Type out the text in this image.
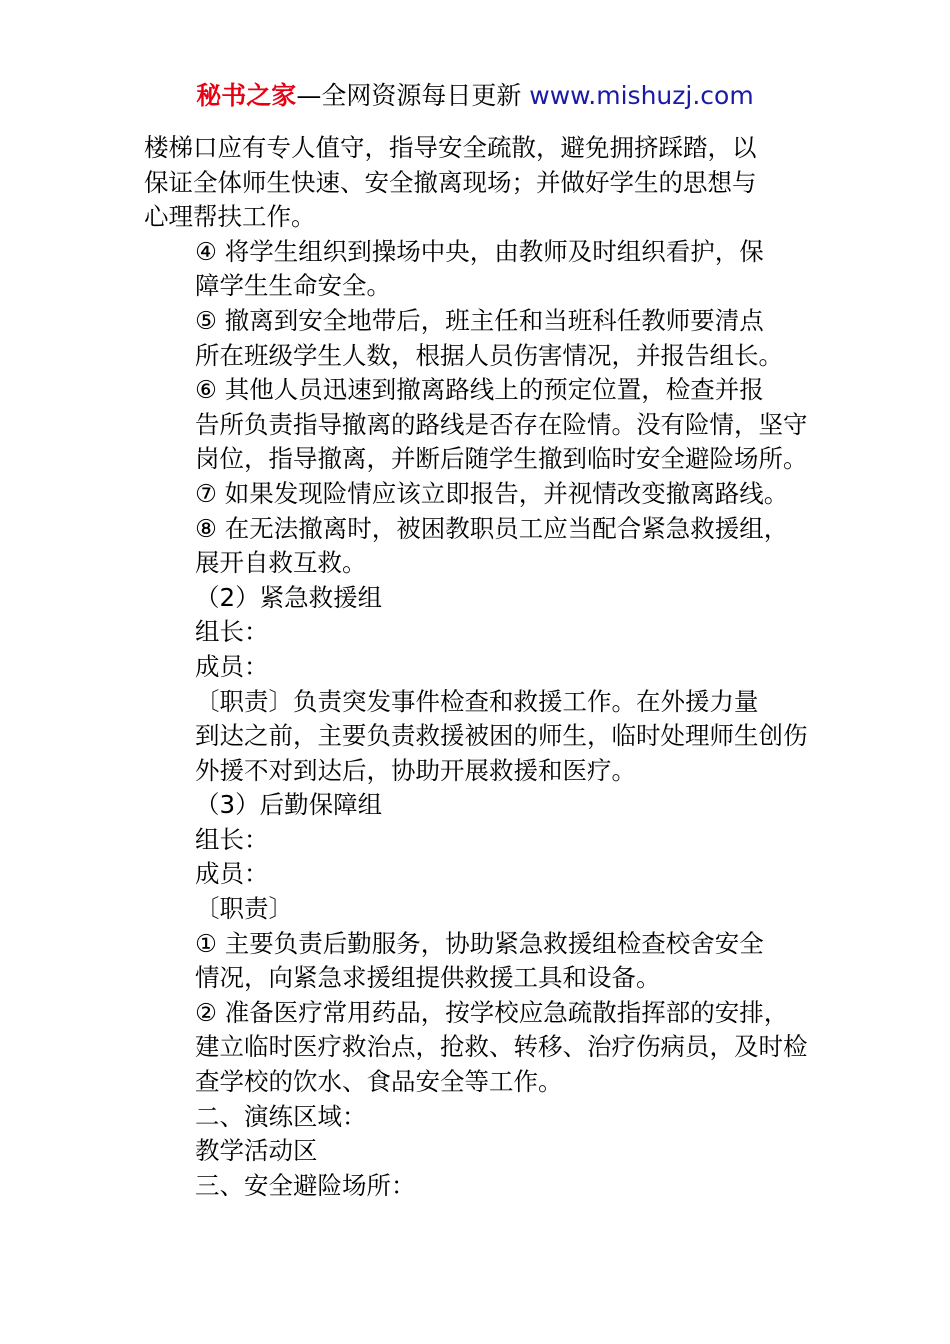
秘书之家—全网资源每日更新 www.mishuzj.com

楼梯口应有专人值守，指导安全疏散，避免拥挤踩踏，以
保证全体师生快速、安全撤离现场；并做好学生的思想与
心理帮扶工作。

④ 将学生组织到操场中央，由教师及时组织看护，保
障学生生命安全。

⑤ 撤离到安全地带后，班主任和当班科任教师要清点
所在班级学生人数，根据人员伤害情况，并报告组长。

⑥ 其他人员迅速到撤离路线上的预定位置，检查并报
告所负责指导撤离的路线是否存在险情。没有险情，坚守
岗位，指导撤离，并断后随学生撤到临时安全避险场所。

⑦ 如果发现险情应该立即报告，并视情改变撤离路线。

⑧ 在无法撤离时，被困教职员工应当配合紧急救援组，
展开自救互救。

（2）紧急救援组

组长：

成员：

〔职责〕负责突发事件检查和救援工作。在外援力量
到达之前，主要负责救援被困的师生，临时处理师生创伤
外援不对到达后，协助开展救援和医疗。

（3）后勤保障组

组长：

成员：

〔职责〕

① 主要负责后勤服务，协助紧急救援组检查校舍安全
情况，向紧急求援组提供救援工具和设备。

② 准备医疗常用药品，按学校应急疏散指挥部的安排，
建立临时医疗救治点，抢救、转移、治疗伤病员，及时检
查学校的饮水、食品安全等工作。

二、演练区域：

教学活动区

三、安全避险场所：
